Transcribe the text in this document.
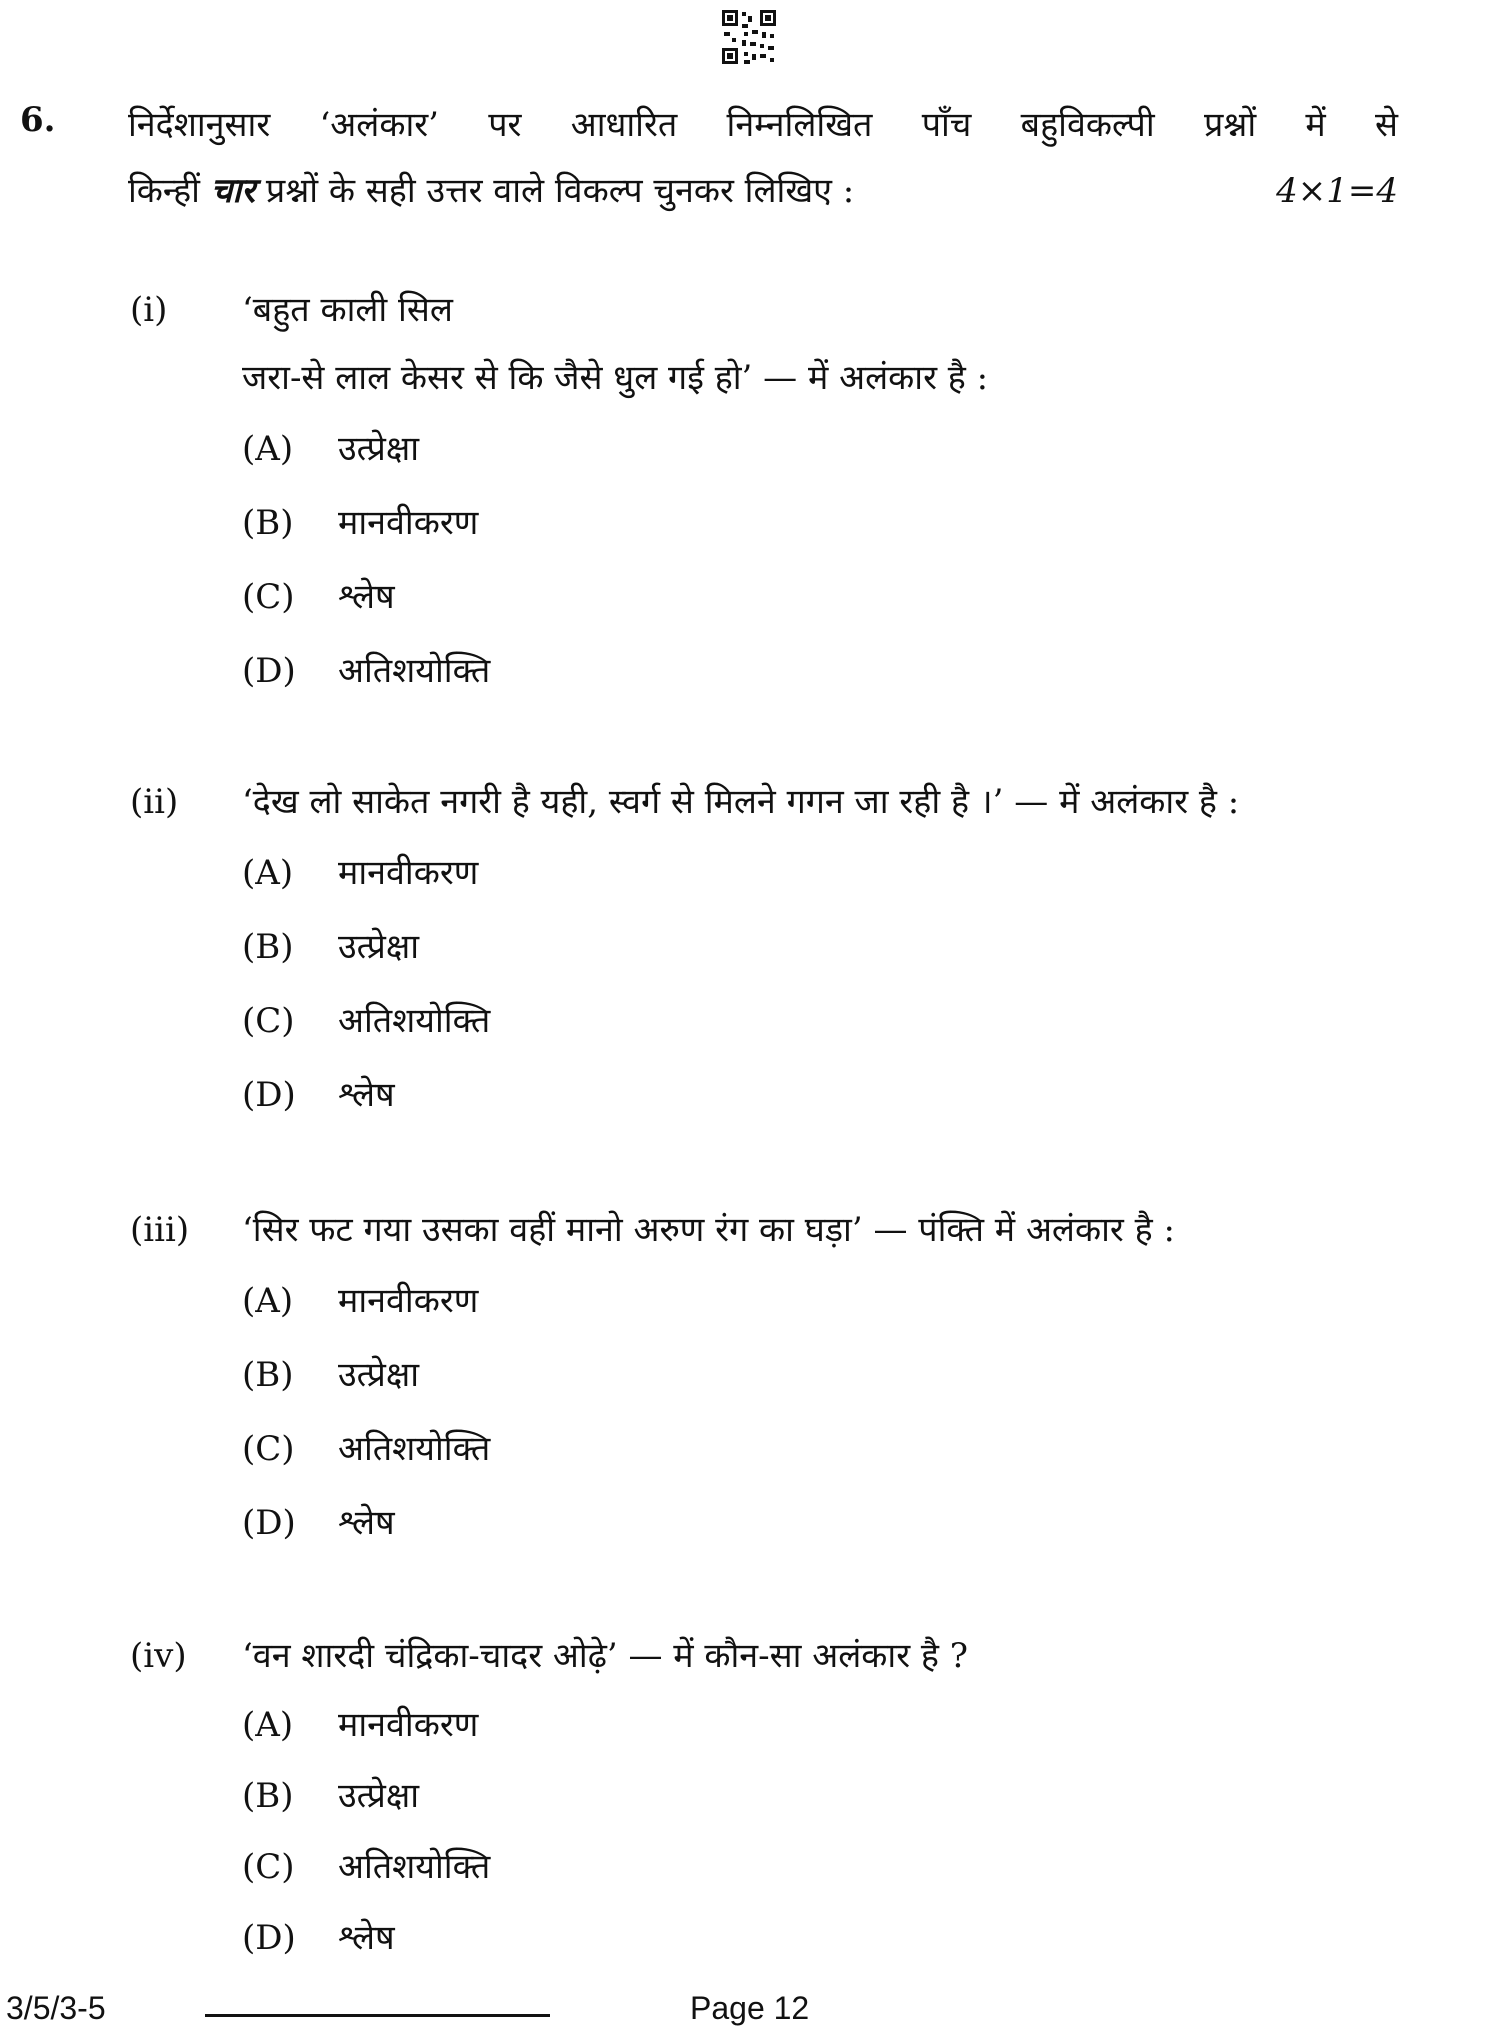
6. निर्देशानुसार ‘अलंकार’ पर आधारित निम्नलिखित पाँच बहुविकल्पी प्रश्नों में से
किन्हीं चार प्रश्नों के सही उत्तर वाले विकल्प चुनकर लिखिए :	4×1=4
(i)	‘बहुत काली सिल
जरा-से लाल केसर से कि जैसे धुल गई हो’ — में अलंकार है :
(A)	उत्प्रेक्षा
(B)	मानवीकरण
(C)	श्लेष
(D)	अतिशयोक्ति
(ii)	‘देख लो साकेत नगरी है यही, स्वर्ग से मिलने गगन जा रही है ।’ — में अलंकार है :
(A)	मानवीकरण
(B)	उत्प्रेक्षा
(C)	अतिशयोक्ति
(D)	श्लेष
(iii)	‘सिर फट गया उसका वहीं मानो अरुण रंग का घड़ा’ — पंक्ति में अलंकार है :
(A)	मानवीकरण
(B)	उत्प्रेक्षा
(C)	अतिशयोक्ति
(D)	श्लेष
(iv)	‘वन शारदी चंद्रिका-चादर ओढ़े’ — में कौन-सा अलंकार है ?
(A)	मानवीकरण
(B)	उत्प्रेक्षा
(C)	अतिशयोक्ति
(D)	श्लेष
3/5/3-5	Page 12
